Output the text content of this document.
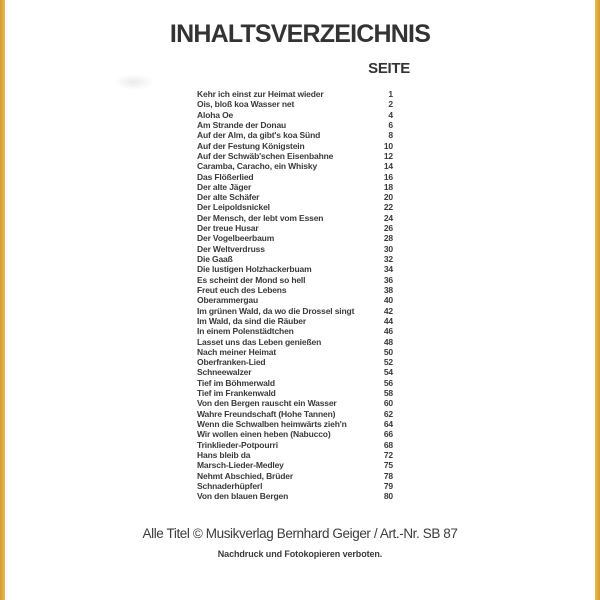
INHALTSVERZEICHNIS
SEITE
Kehr ich einst zur Heimat wieder	1
Ois, bloß koa Wasser net	2
Aloha Oe	4
Am Strande der Donau	6
Auf der Alm, da gibt's koa Sünd	8
Auf der Festung Königstein	10
Auf der Schwäb'schen Eisenbahne	12
Caramba, Caracho, ein Whisky	14
Das Flößerlied	16
Der alte Jäger	18
Der alte Schäfer	20
Der Leipoldsnickel	22
Der Mensch, der lebt vom Essen	24
Der treue Husar	26
Der Vogelbeerbaum	28
Der Weltverdruss	30
Die Gaaß	32
Die lustigen Holzhackerbuam	34
Es scheint der Mond so hell	36
Freut euch des Lebens	38
Oberammergau	40
Im grünen Wald, da wo die Drossel singt	42
Im Wald, da sind die Räuber	44
In einem Polenstädtchen	46
Lasset uns das Leben genießen	48
Nach meiner Heimat	50
Oberfranken-Lied	52
Schneewalzer	54
Tief im Böhmerwald	56
Tief im Frankenwald	58
Von den Bergen rauscht ein Wasser	60
Wahre Freundschaft (Hohe Tannen)	62
Wenn die Schwalben heimwärts zieh'n	64
Wir wollen einen heben (Nabucco)	66
Trinklieder-Potpourri	68
Hans bleib da	72
Marsch-Lieder-Medley	75
Nehmt Abschied, Brüder	78
Schnaderhüpferl	79
Von den blauen Bergen	80
Alle Titel © Musikverlag Bernhard Geiger / Art.-Nr. SB 87
Nachdruck und Fotokopieren verboten.
